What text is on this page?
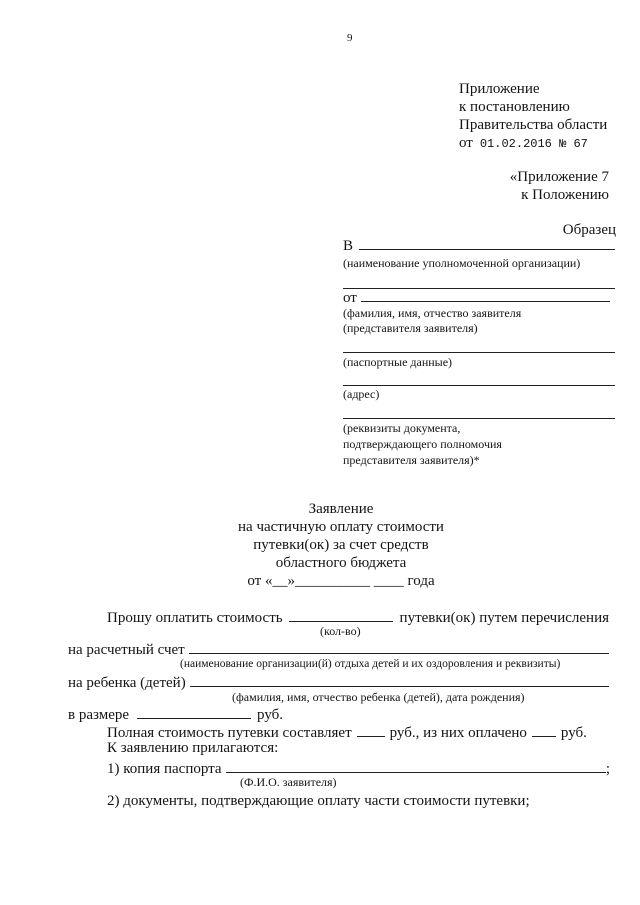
9
Приложение
к постановлению
Правительства области
от 01.02.2016 № 67
«Приложение 7
к Положению
Образец
В
(наименование уполномоченной организации)
от
(фамилия, имя, отчество заявителя
(представителя заявителя)
(паспортные данные)
(адрес)
(реквизиты документа,
подтверждающего полномочия
представителя заявителя)*
Заявление
на частичную оплату стоимости
путевки(ок) за счет средств
областного бюджета
от «__»__________ ____ года
Прошу оплатить стоимость	путевки(ок) путем перечисления
(кол-во)
на расчетный счет
(наименование организации(й) отдыха детей и их оздоровления и реквизиты)
на ребенка (детей)
(фамилия, имя, отчество ребенка (детей), дата рождения)
в размере	руб.
Полная стоимость путевки составляет	руб., из них оплачено руб.
К заявлению прилагаются:
1) копия паспорта	;
(Ф.И.О. заявителя)
2) документы, подтверждающие оплату части стоимости путевки;
